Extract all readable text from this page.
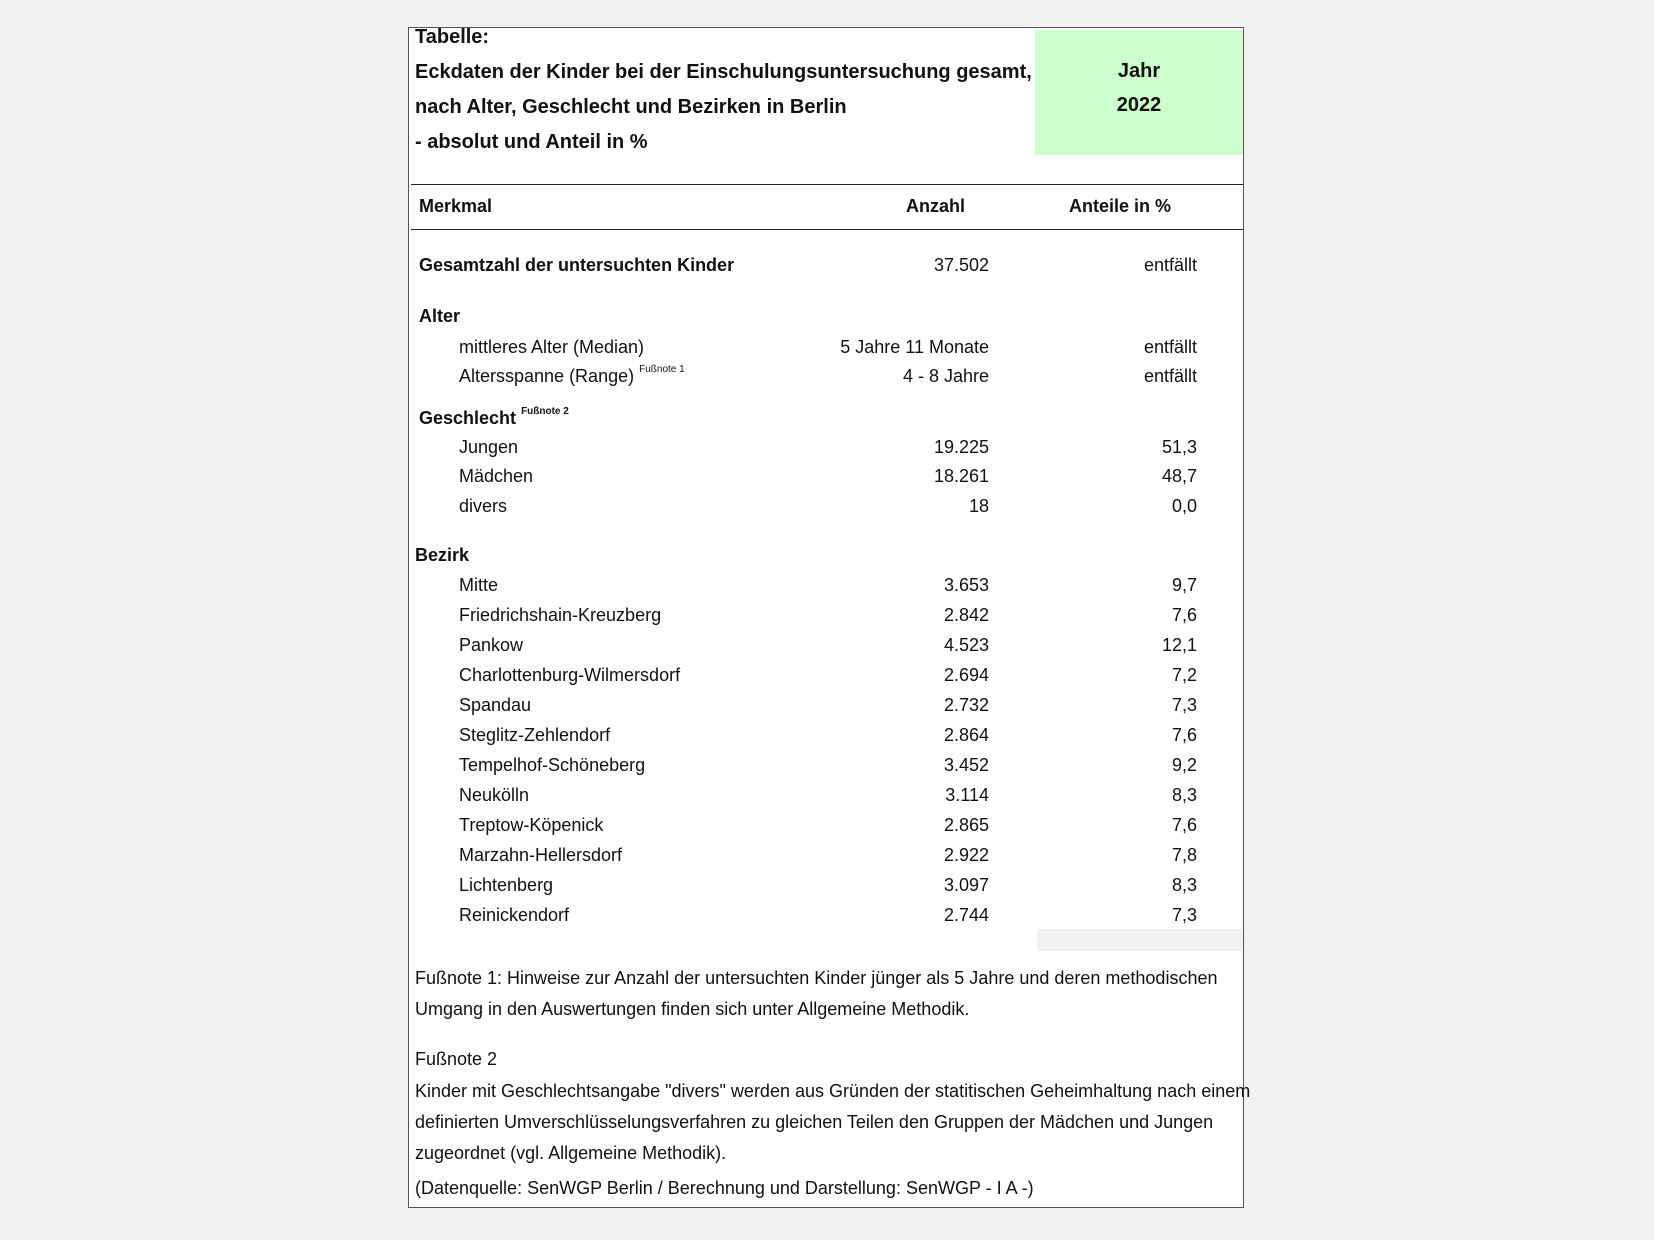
Tabelle:
Eckdaten der Kinder bei der Einschulungsuntersuchung gesamt,
nach Alter, Geschlecht und Bezirken in Berlin
- absolut und Anteil in %
Jahr
2022
Merkmal	Anzahl	Anteile in %
Gesamtzahl der untersuchten Kinder	37.502	entfällt
Alter
mittleres Alter (Median)	5 Jahre 11 Monate	entfällt
Altersspanne (Range) $^{Fußnote 1}$	4 - 8 Jahre	entfällt
Geschlecht $^{Fußnote 2}$
Jungen	19.225	51,3
Mädchen	18.261	48,7
divers	18	0,0
Bezirk
Mitte	3.653	9,7
Friedrichshain-Kreuzberg	2.842	7,6
Pankow	4.523	12,1
Charlottenburg-Wilmersdorf	2.694	7,2
Spandau	2.732	7,3
Steglitz-Zehlendorf	2.864	7,6
Tempelhof-Schöneberg	3.452	9,2
Neukölln	3.114	8,3
Treptow-Köpenick	2.865	7,6
Marzahn-Hellersdorf	2.922	7,8
Lichtenberg	3.097	8,3
Reinickendorf	2.744	7,3
Fußnote 1: Hinweise zur Anzahl der untersuchten Kinder jünger als 5 Jahre und deren methodischen
Umgang in den Auswertungen finden sich unter Allgemeine Methodik.
Fußnote 2
Kinder mit Geschlechtsangabe "divers" werden aus Gründen der statitischen Geheimhaltung nach einem
definierten Umverschlüsselungsverfahren zu gleichen Teilen den Gruppen der Mädchen und Jungen
zugeordnet (vgl. Allgemeine Methodik).
(Datenquelle: SenWGP Berlin / Berechnung und Darstellung: SenWGP - I A -)
